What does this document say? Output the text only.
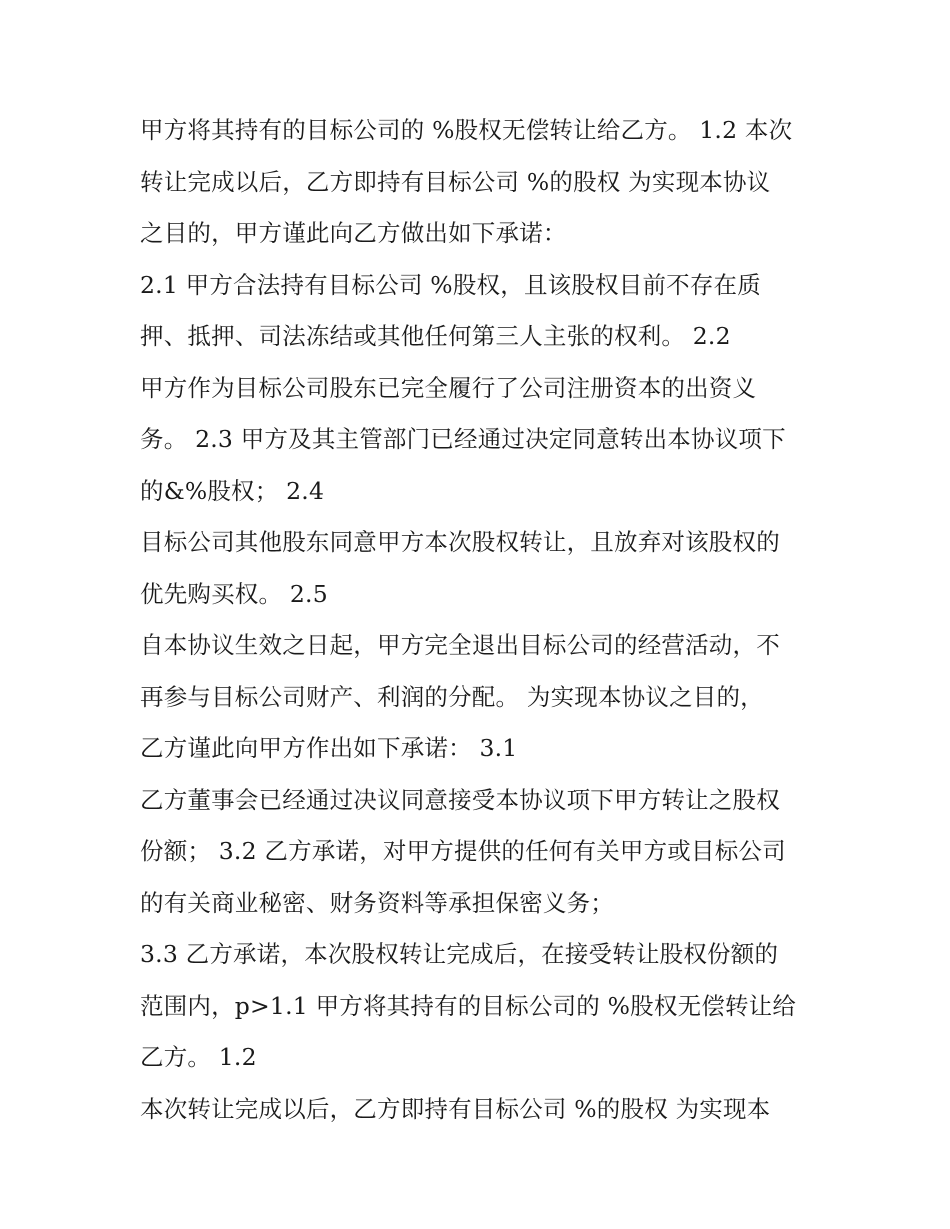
甲方将其持有的目标公司的 %股权无偿转让给乙方。 1.2 本次
转让完成以后，乙方即持有目标公司 %的股权 为实现本协议
之目的，甲方谨此向乙方做出如下承诺：
2.1 甲方合法持有目标公司 %股权，且该股权目前不存在质
押、抵押、司法冻结或其他任何第三人主张的权利。 2.2
甲方作为目标公司股东已完全履行了公司注册资本的出资义
务。 2.3 甲方及其主管部门已经通过决定同意转出本协议项下
的&%股权； 2.4
目标公司其他股东同意甲方本次股权转让，且放弃对该股权的
优先购买权。 2.5
自本协议生效之日起，甲方完全退出目标公司的经营活动，不
再参与目标公司财产、利润的分配。 为实现本协议之目的，
乙方谨此向甲方作出如下承诺： 3.1
乙方董事会已经通过决议同意接受本协议项下甲方转让之股权
份额； 3.2 乙方承诺，对甲方提供的任何有关甲方或目标公司
的有关商业秘密、财务资料等承担保密义务；
3.3 乙方承诺，本次股权转让完成后，在接受转让股权份额的
范围内，p>1.1 甲方将其持有的目标公司的 %股权无偿转让给
乙方。 1.2
本次转让完成以后，乙方即持有目标公司 %的股权 为实现本
